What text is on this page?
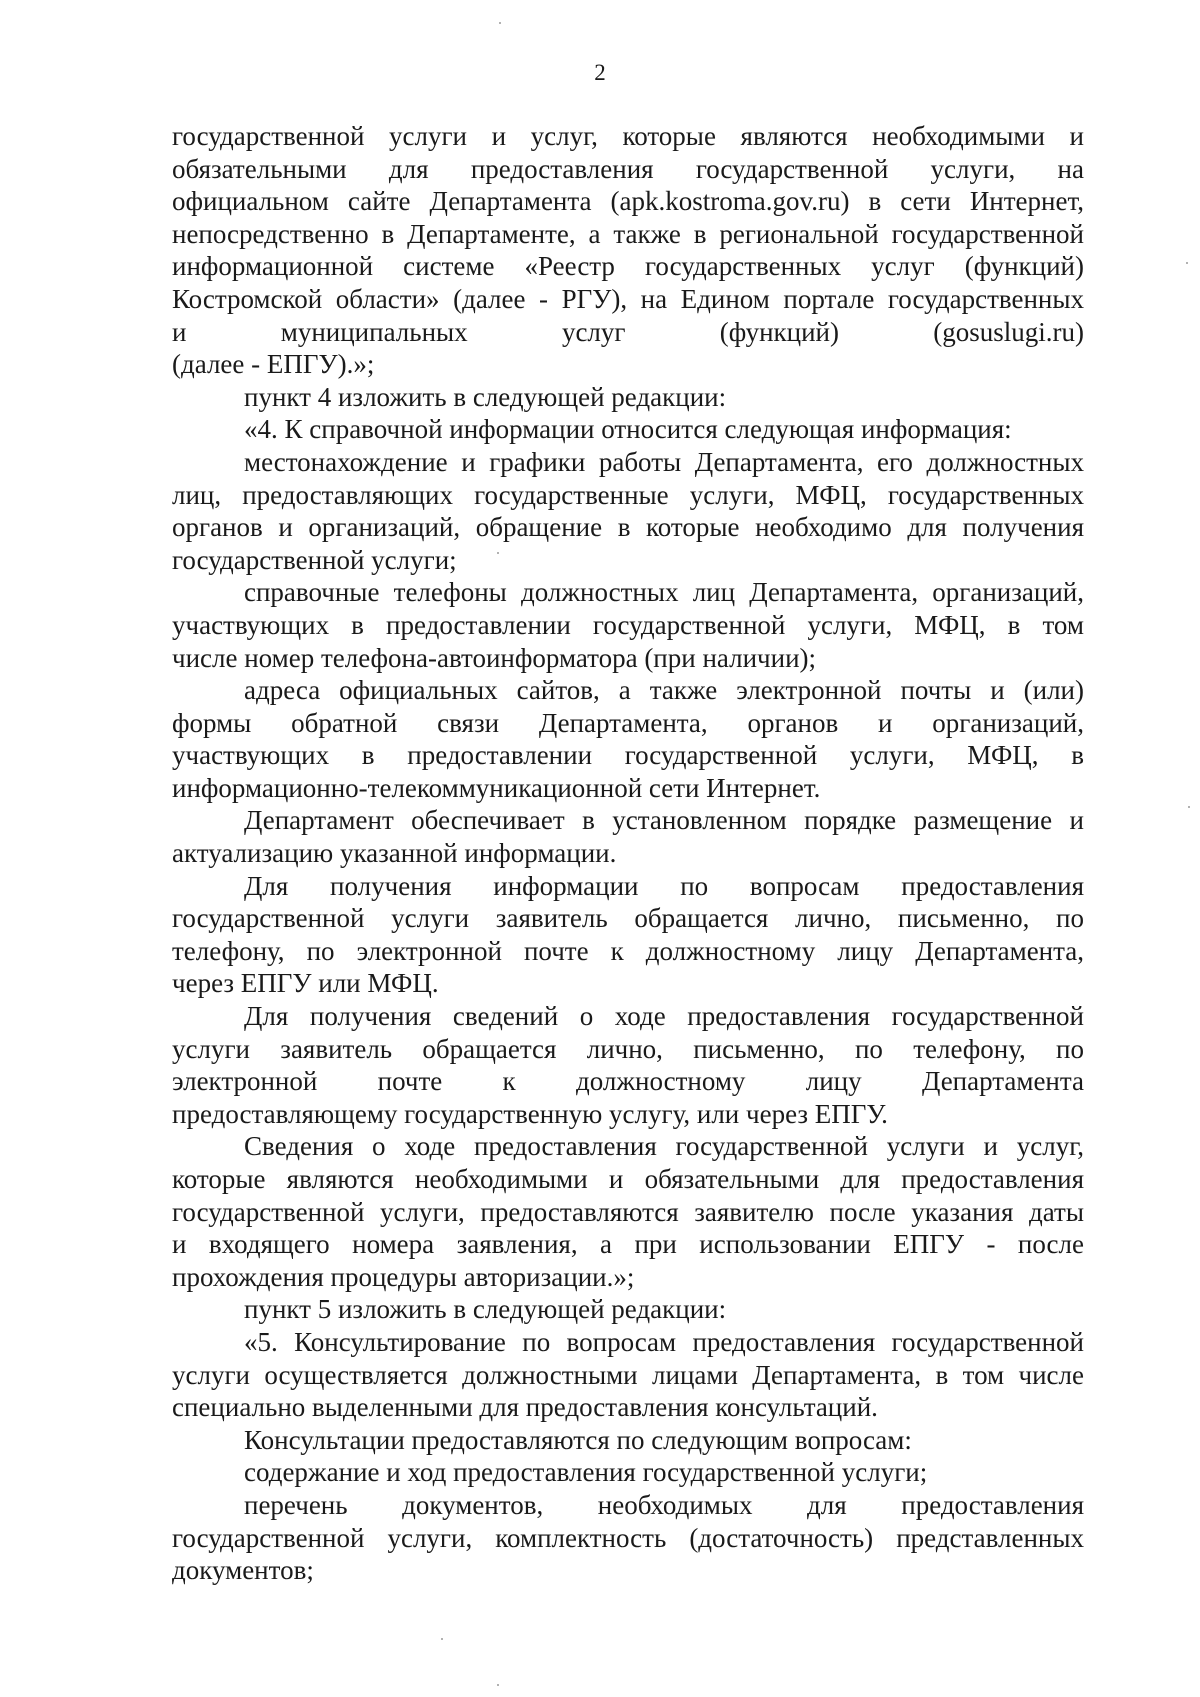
2

государственной услуги и услуг, которые являются необходимыми и
обязательными для предоставления государственной услуги, на
официальном сайте Департамента (apk.kostroma.gov.ru) в сети Интернет,
непосредственно в Департаменте, а также в региональной государственной
информационной системе «Реестр государственных услуг (функций)
Костромской области» (далее - РГУ), на Едином портале государственных
и муниципальных услуг (функций) (gosuslugi.ru)
(далее - ЕПГУ).»;

пункт 4 изложить в следующей редакции:

«4. К справочной информации относится следующая информация:

местонахождение и графики работы Департамента, его должностных
лиц, предоставляющих государственные услуги, МФЦ, государственных
органов и организаций, обращение в которые необходимо для получения
государственной услуги;

справочные телефоны должностных лиц Департамента, организаций,
участвующих в предоставлении государственной услуги, МФЦ, в том
числе номер телефона-автоинформатора (при наличии);

адреса официальных сайтов, а также электронной почты и (или)
формы обратной связи Департамента, органов и организаций,
участвующих в предоставлении государственной услуги, МФЦ, в
информационно-телекоммуникационной сети Интернет.

Департамент обеспечивает в установленном порядке размещение и
актуализацию указанной информации.

Для получения информации по вопросам предоставления
государственной услуги заявитель обращается лично, письменно, по
телефону, по электронной почте к должностному лицу Департамента,
через ЕПГУ или МФЦ.

Для получения сведений о ходе предоставления государственной
услуги заявитель обращается лично, письменно, по телефону, по
электронной почте к должностному лицу Департамента
предоставляющему государственную услугу, или через ЕПГУ.

Сведения о ходе предоставления государственной услуги и услуг,
которые являются необходимыми и обязательными для предоставления
государственной услуги, предоставляются заявителю после указания даты
и входящего номера заявления, а при использовании ЕПГУ - после
прохождения процедуры авторизации.»;

пункт 5 изложить в следующей редакции:

«5. Консультирование по вопросам предоставления государственной
услуги осуществляется должностными лицами Департамента, в том числе
специально выделенными для предоставления консультаций.

Консультации предоставляются по следующим вопросам:

содержание и ход предоставления государственной услуги;

перечень документов, необходимых для предоставления
государственной услуги, комплектность (достаточность) представленных
документов;
